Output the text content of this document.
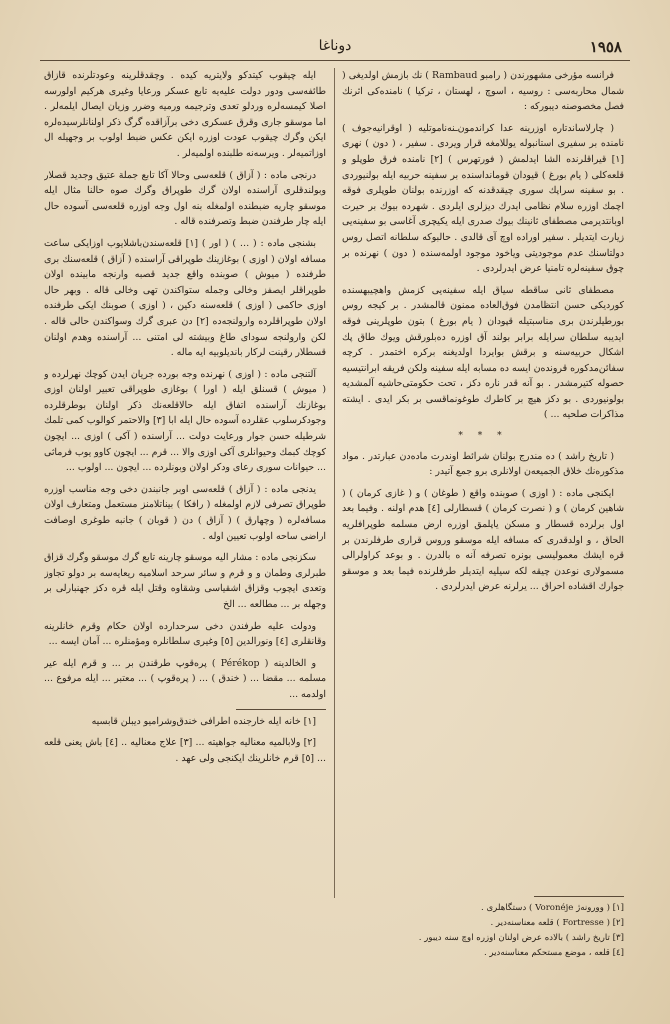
١٩٥٨
دوناغا

فرانسه مؤرخی مشهورندن ( رامبو Rambaud ) نك بازمش اولدیغی ( شمال محاربه‌سی : روسیه ، اسوچ ، لهستان ، ترکیا ) نامنده‌کی اثرنك فصل مخصوصنه دیبورکه :

( چارلاساندتاره اوزرینه عدا کراندمون‌ـنه‌ناموتلیه ( اوقرانیه‌جوف ) نامنده بر سفیری استانبوله یوللامغه قرار ویردی . سفیر ، ( دون ) نهری [١] قیراقلرنده الشا ایدلمش ( فورتهرس ) [٢] نامنده فرق طوپلو و قلعه‌کلی ( یام بورغ ) قیودان قومانداسنده بر سفینه حربیه ایله بولنیوردی . بو سفینه سراپك سوری چیقدقدنه كه اوزرنده بولنان طوپلری فوقه اچمك اوزره سلام نظامی ایدرك دیزلری ایلردی . شهرده بیوك بر حیرت اوبانتدیرمی مصطفای ثانینك بیوك صدری ایله یکیچری آغاسی بو سفینه‌یی زیارت ایتدیلر . سفیر اوراده اوچ آی قالدی . حالبوکه سلطانه اتصل روس دولتاسنك عدم موجودیتی ویاخود موجود اولمه‌سنده ( دون ) نهرنده بر چوق سفینه‌لره تامنیا عرض ایدرلردی .

مصطفای ثانی ساقطه‌ سیاق ایله سفینه‌یی کزمش واهچیبهسنده کوردیکی حسن انتظامدن فوق‌العاده ممنون قالمشدر . بر کیجه روس بورطیلرندن بری مناسبتیله قپودان ( یام بورغ ) بتون طوپلرینی فوقه ایدیبه سلطان سرایله برابر بولند آق اوزره ده‌بلورقش ویوك طاق پك اشکال حربیه‌سنه و برقش بوایردا اولدیغنه بركره اختمدر . کرچه سفائن‌مدکوره قرونده‌ن ایسه‌ ده مسابه‌ ایله سفینه‌ ولکن فریقه‌ ابرانتیسیه حصوله کتیرمشدر . بو آنه قدر ناره دکز ، تحت حکومتی‌حاشیه آلمشدیه بولونیوردی . بو دکز هیچ بر کاطرك طوغونماقسی بر بکر ایدی . ایشته‌ مذاکرات صلحیه ... )

* * *

( تاریخ راشد ) ده مندرج بولنان شرائط اوندرت ماده‌دن عبارتدر . مواد مذکوره‌نك خلاق الجمیعه‌ن اولانلری برو جمع‌ آتیدر :

ایکنجی ماده : ( اوزی ) صوبنده واقع ( طوغان ) و ( غازی کرمان ) ( شاهین کرمان ) و ( نصرت کرمان ) قسطارلی [٤] هدم اولنه . وفیما بعد اول برلرده قسطار و مسکن یاپلمق اوزره ارض مسلمه طوپرافلریه الحاق ، و اولدقدری که مسافه ایله موسقو وروس قراری طرفلرندن بر قره ایشك معمولیسی بونره تصرفه آنه ه بالدرن . و بوعد کراولرالی مسمولاری نوعدن چیقه لکه سیلیه ایتدیلر طرفلرنده فیما بعد و موسقو جوارك اقشاده احراق ... یرلرنه عرض ایدرلردی .

ایله چیقوب کیتدکو ولایتریه کیده . وچقدقلرینه وعودتلرنده قازاق طائفه‌سی ودور دولت علیه‌یه تابع عسکر ورعایا وغیری هرکیم اولورسه اصلا کیمسه‌لره وردلو تعدی وترجیمه ورمیه‌ وضرر وزیان ایصال ایلمه‌لر . اما موسقو جاری وقرق عسکری دخی برآزاقده گرگ ذکر اولنانلرسیده‌لره ایکن وگرك چیقوب عودت اوزره ایکن عکس ضبط اولوب بر وجهیله ال اوزاتمیه‌لر . ویرسه‌نه طلبنده اولمیه‌لر .

درنجی ماده : ( آزاق ) قلعه‌سی وحالا آکا تابع جملة عتیق وجدید قصلار وبولندقلری آراسنده اولان گرك طوپراق وگرك صوه حالنا مثال ایله موسقو چاریه ضبطنده اولمغله بنه اول وجه اوزره قلعه‌سی آسوده حال ایله چار طرفندن ضبط وتصرفنده قاله .

بشنجی ماده : ( … ) ( اور ) [١] قلعه‌سندن‌باشلایوب اوزایکی ساعت مسافه اولان ( اوزی ) بوغازینك طوپراقی آراسنده ( آزاق ) قلعه‌سنك بری طرفنده ( میوش ) صوبنده واقع جدید قصبه وارنجه مابینده اولان طوپراقلر ایصفز وخالی وجمله ستواکندن تهی وخالی قاله . وبهر حال اوزی حاکمی ( اوزی ) قلعه‌سنه دکین ، ( اوزی ) صوبنك ایکی طرفنده اولان طوپراقلرده وارولنجه‌ده [٢] دن عبری گرك وسواکندن حالی قاله . لکن وارولنجه سودای طاغ‌ وبیشته‌ لی امتنی ... آراسنده وهدم اولنان قسطلار رقینت لرکار باندیلوبیه‌ ایه ماله .

آلتنجی ماده : ( اوزی ) نهرنده وجه بورده جریان ایدن کوچك نهرلرده و ( میوش ) قسنلق ایله ( اورا ) بوغازی طوپراقی تعبیر اولنان اوزی بوغازنك آراسنده اتفاق ایله حالاقلعه‌نك ذکر اولنان بوطرقلرده وجودکرسلوب عقلرده آسوده حال ایله ابا [٣] والاحتمر کوالوب کمی تلمك شرطیله حسن جوار ورعایت دولت ... آراسنده ( آکی ) اوزی ... ایچون کوچك كبمك وحیوانلری آکی اوزی والا ... قرم‌ ... ایچون کاوو یوب فرماثی ... حیوانات سوری رعای ودکر اولان وبونلرده ... ایچون ... اولوب ...

یدنجی ماده : ( آزاق ) قلعه‌سی اوبر جانبندن دخی وجه مناسب اوزره طوپراق تصرفی لازم اولمغله ( رافکا ) بیناتلامنز مستعمل ومتعارف اولان مسافه‌لره ( وچهارق ) ( آزاق ) دن ( قوبان ) جانبه طوغری اوصافت اراضی ساحه اولوب تعیین اوله .

سکزنجی ماده : مشار الیه موسقو چارینه تابع گرك موسقو وگرك قزاق طبرلری وطمان و و قرم و سائر سرحد اسلامیه ریعایه‌سه بر دولو تجاوز وتعدی ایچوب وقزاق اشقیاسی وشقاوه وقتل ایله قره دکز جهنبارلی بر وجهله بر ... مطالعه‌ ... الخ

ودولت علیه طرفندن دخی سرحدارده اولان حکام وقرم خانلرینه وقانقلری [٤] ونورالدین [٥] وغیری سلطانلره ومؤمنلره ... آمان ایسه ...

و الخالدینه ( Pérékop ) پره‌قوپ طرقندن بر ... و قرم ایله عیر مسلمه ... مقضا ... ( خندق ) ... ( پره‌قوپ ) ... معتبر ... ایله مرفوع ... اولدمه ...

[١] خانه ایله خارجنده اطرافی خندق‌وشرامیو دیبلن قابسیه

[٢] ولابالمیه معنالیه جواهیته ... [٣] علاج معنالیه .. [٤] باش یعنی قلعه ... [٥] قرم خانلرینك ایکنجی ولی عهد .

[١] ( وورونه‌ژ Voronéje ) دستگاهلری .

[٢] ( Fortresse ) قلعه معناسنه‌دیر .

[٣] تاریخ راشد ) بالاده عرض اولنان اوزره اوچ سنه دیبور .

[٤] قلعه ، موضع مستحکم معناسنه‌دیر .
